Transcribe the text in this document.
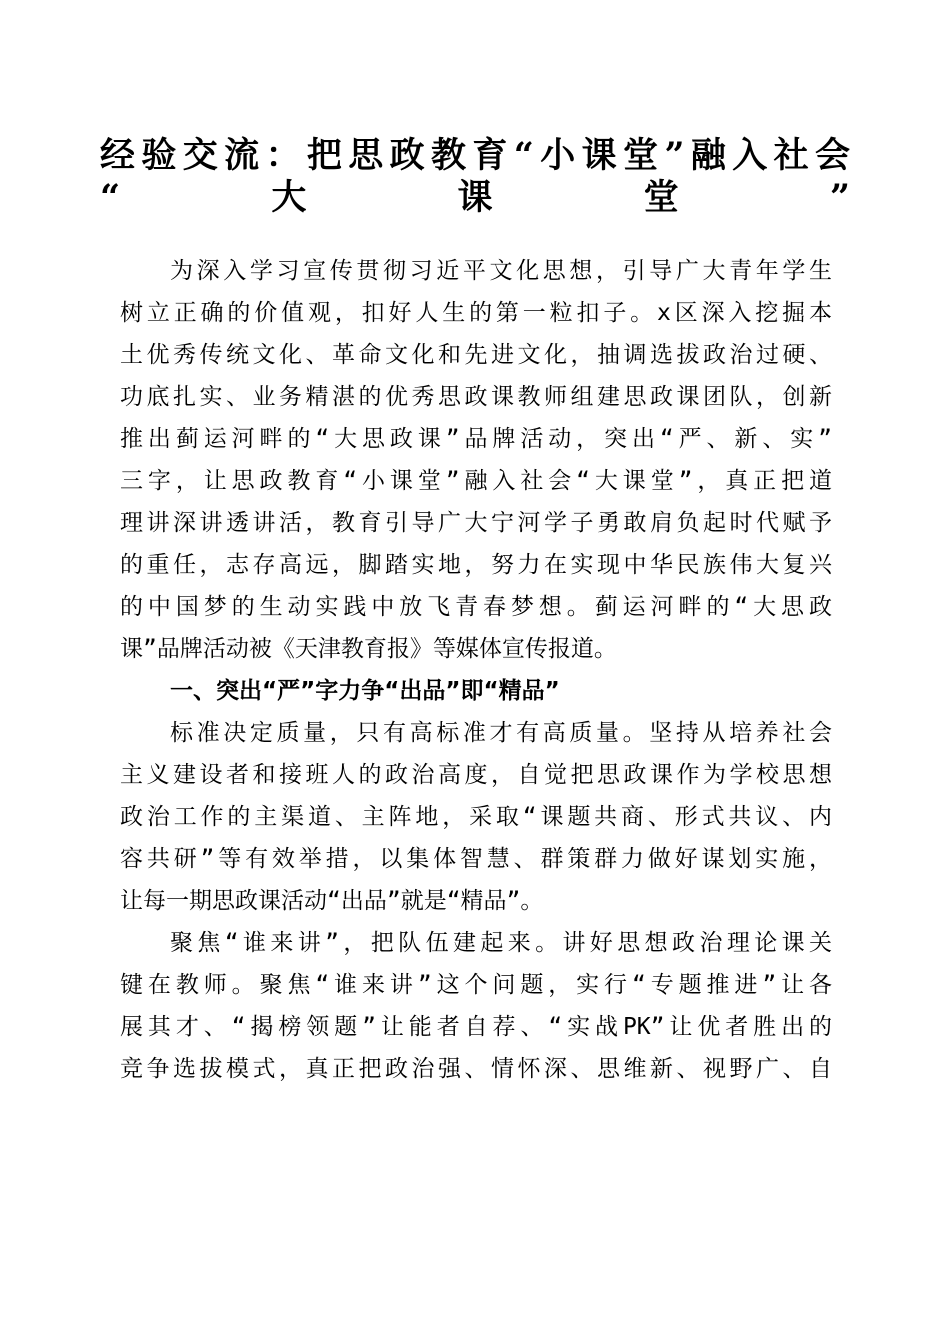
经验交流：把思政教育“小课堂”融入社会
“大课堂”
为深入学习宣传贯彻习近平文化思想，引导广大青年学生
树立正确的价值观，扣好人生的第一粒扣子。x区深入挖掘本
土优秀传统文化、革命文化和先进文化，抽调选拔政治过硬、
功底扎实、业务精湛的优秀思政课教师组建思政课团队，创新
推出蓟运河畔的“大思政课”品牌活动，突出“严、新、实”
三字，让思政教育“小课堂”融入社会“大课堂”，真正把道
理讲深讲透讲活，教育引导广大宁河学子勇敢肩负起时代赋予
的重任，志存高远，脚踏实地，努力在实现中华民族伟大复兴
的中国梦的生动实践中放飞青春梦想。蓟运河畔的“大思政
课”品牌活动被《天津教育报》等媒体宣传报道。
一、突出“严”字力争“出品”即“精品”
标准决定质量，只有高标准才有高质量。坚持从培养社会
主义建设者和接班人的政治高度，自觉把思政课作为学校思想
政治工作的主渠道、主阵地，采取“课题共商、形式共议、内
容共研”等有效举措，以集体智慧、群策群力做好谋划实施，
让每一期思政课活动“出品”就是“精品”。
聚焦“谁来讲”，把队伍建起来。讲好思想政治理论课关
键在教师。聚焦“谁来讲”这个问题，实行“专题推进”让各
展其才、“揭榜领题”让能者自荐、“实战PK”让优者胜出的
竞争选拔模式，真正把政治强、情怀深、思维新、视野广、自
